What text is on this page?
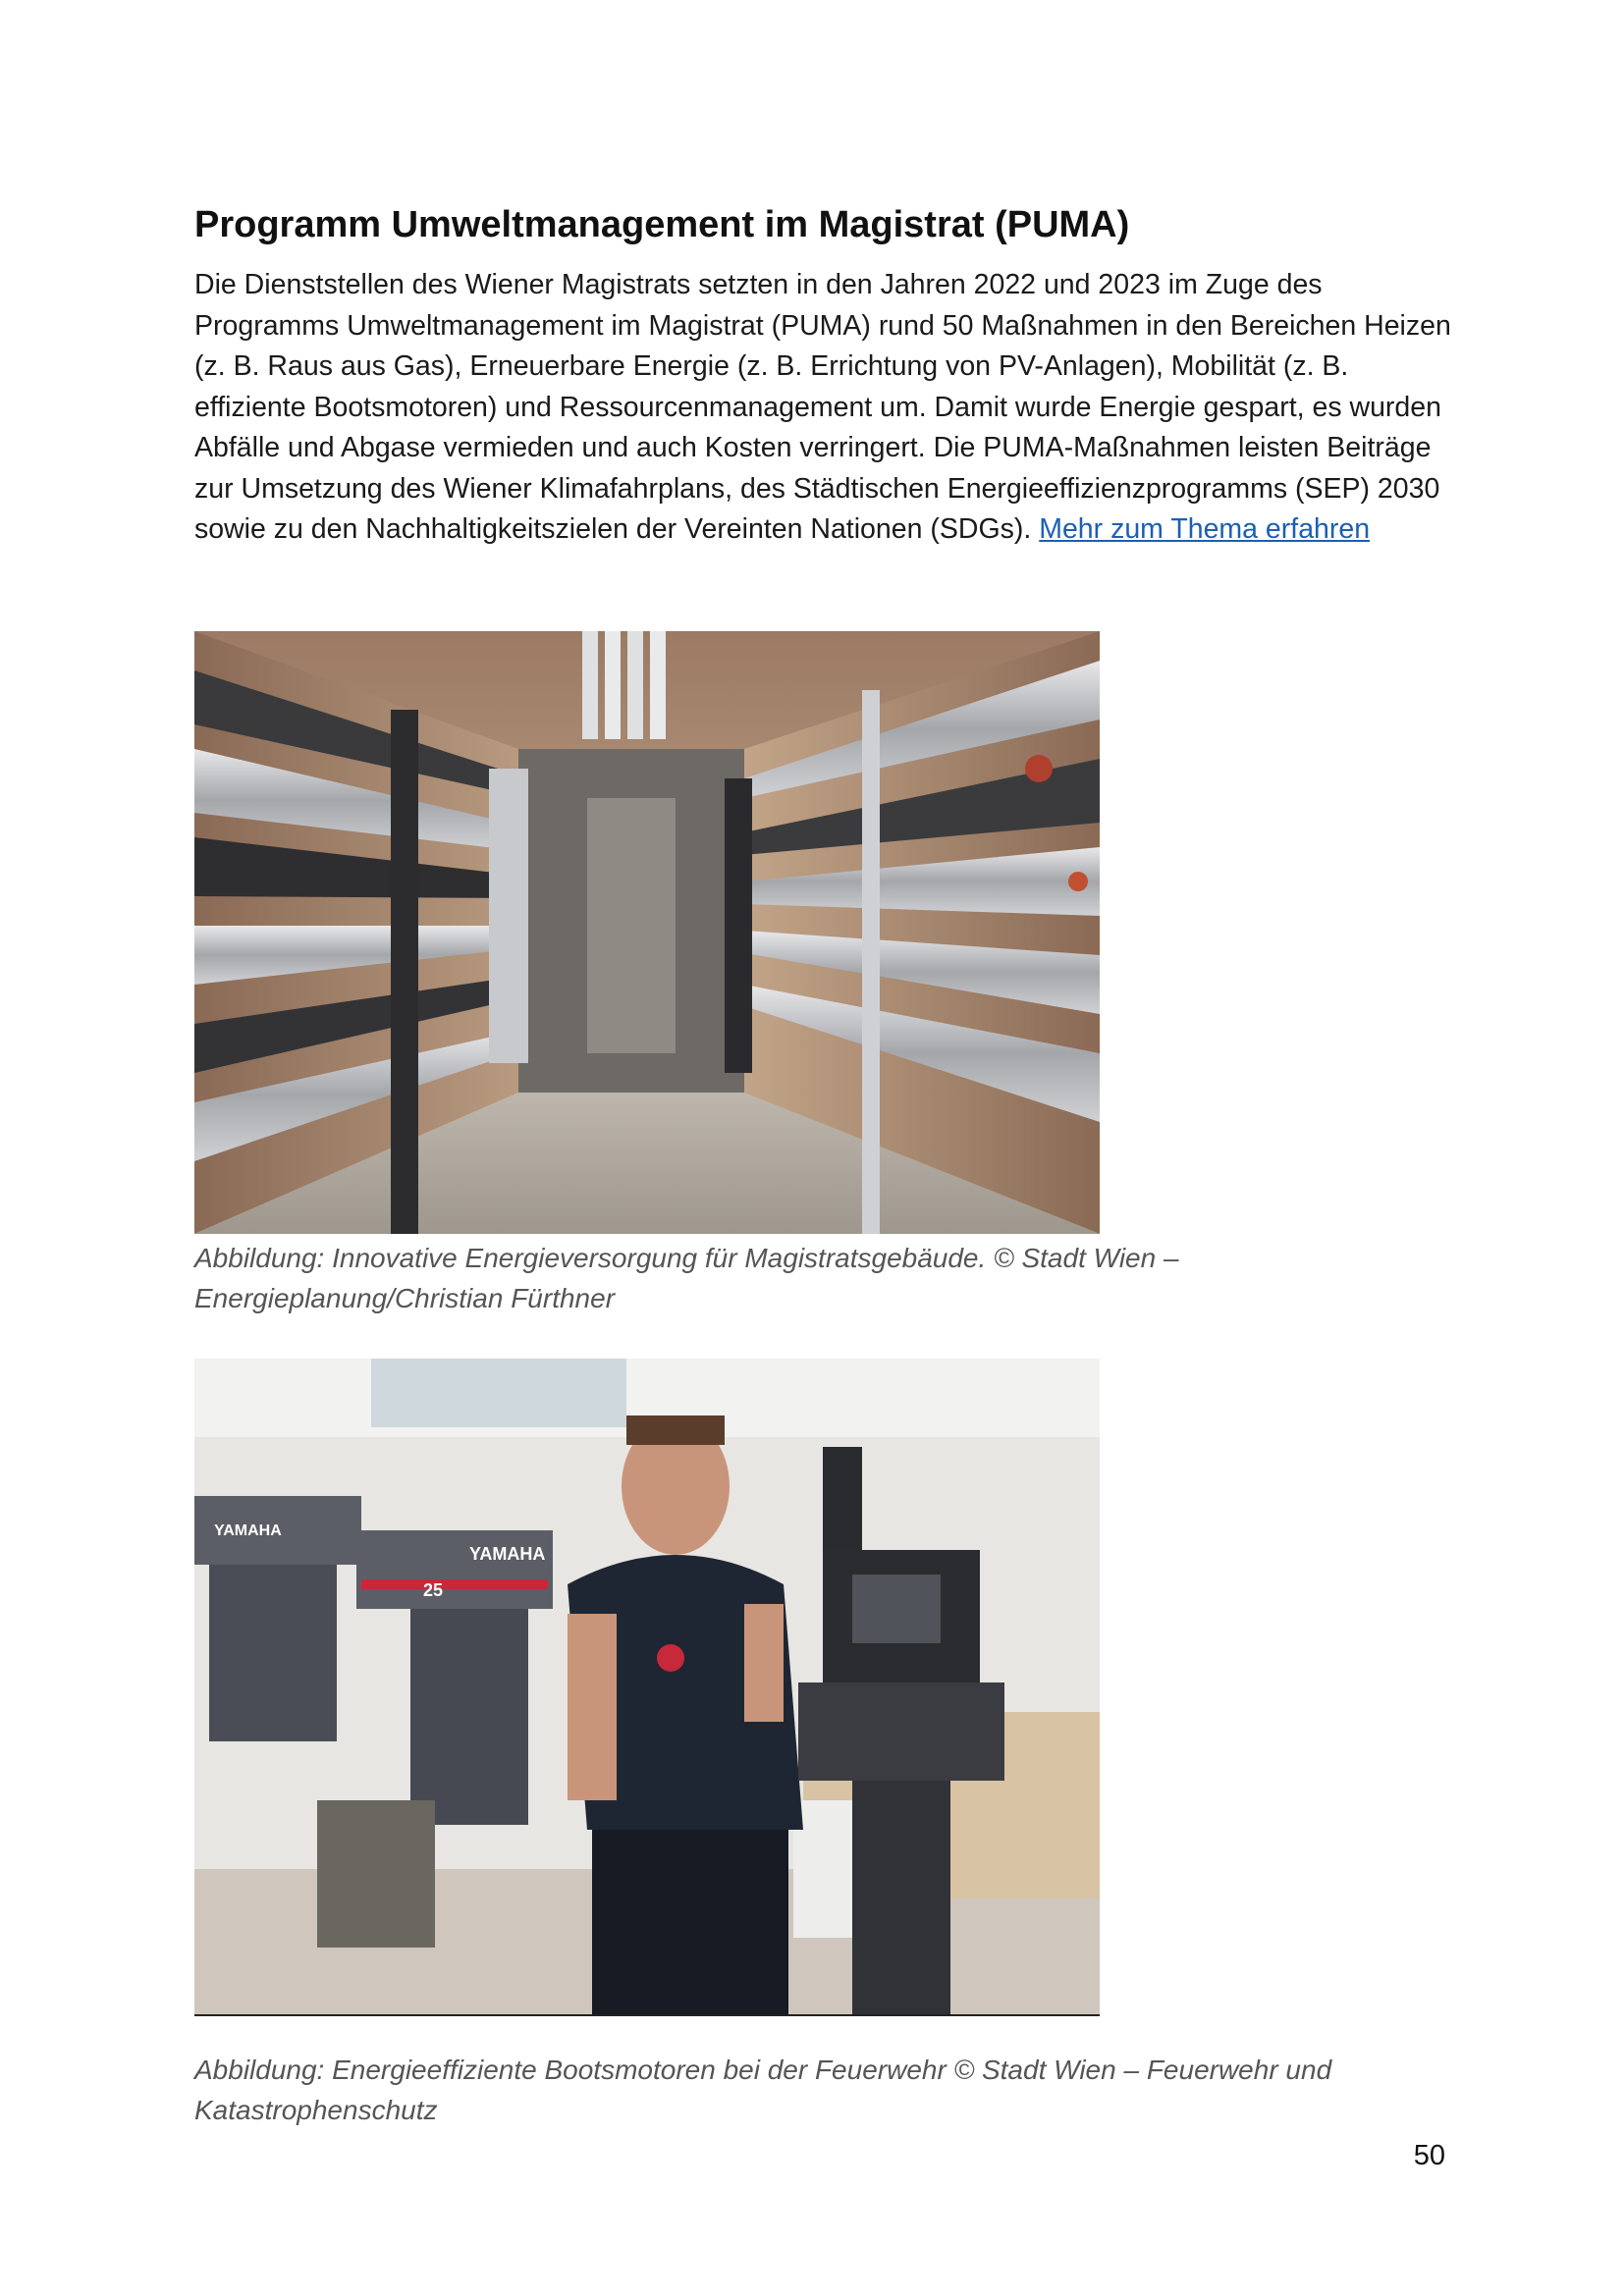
Programm Umweltmanagement im Magistrat (PUMA)

Die Dienststellen des Wiener Magistrats setzten in den Jahren 2022 und 2023 im Zuge des Programms Umweltmanagement im Magistrat (PUMA) rund 50 Maßnahmen in den Bereichen Heizen (z. B. Raus aus Gas), Erneuerbare Energie (z. B. Errichtung von PV-Anlagen), Mobilität (z. B. effiziente Bootsmotoren) und Ressourcenmanagement um. Damit wurde Energie gespart, es wurden Abfälle und Abgase vermieden und auch Kosten verringert. Die PUMA-Maßnahmen leisten Beiträge zur Umsetzung des Wiener Klimafahrplans, des Städtischen Energieeffizienzprogramms (SEP) 2030 sowie zu den Nachhaltigkeitszielen der Vereinten Nationen (SDGs). Mehr zum Thema erfahren

Abbildung: Innovative Energieversorgung für Magistratsgebäude. © Stadt Wien – Energieplanung/Christian Fürthner

YAMAHA
YAMAHA
25

Abbildung: Energieeffiziente Bootsmotoren bei der Feuerwehr © Stadt Wien – Feuerwehr und Katastrophenschutz

50
